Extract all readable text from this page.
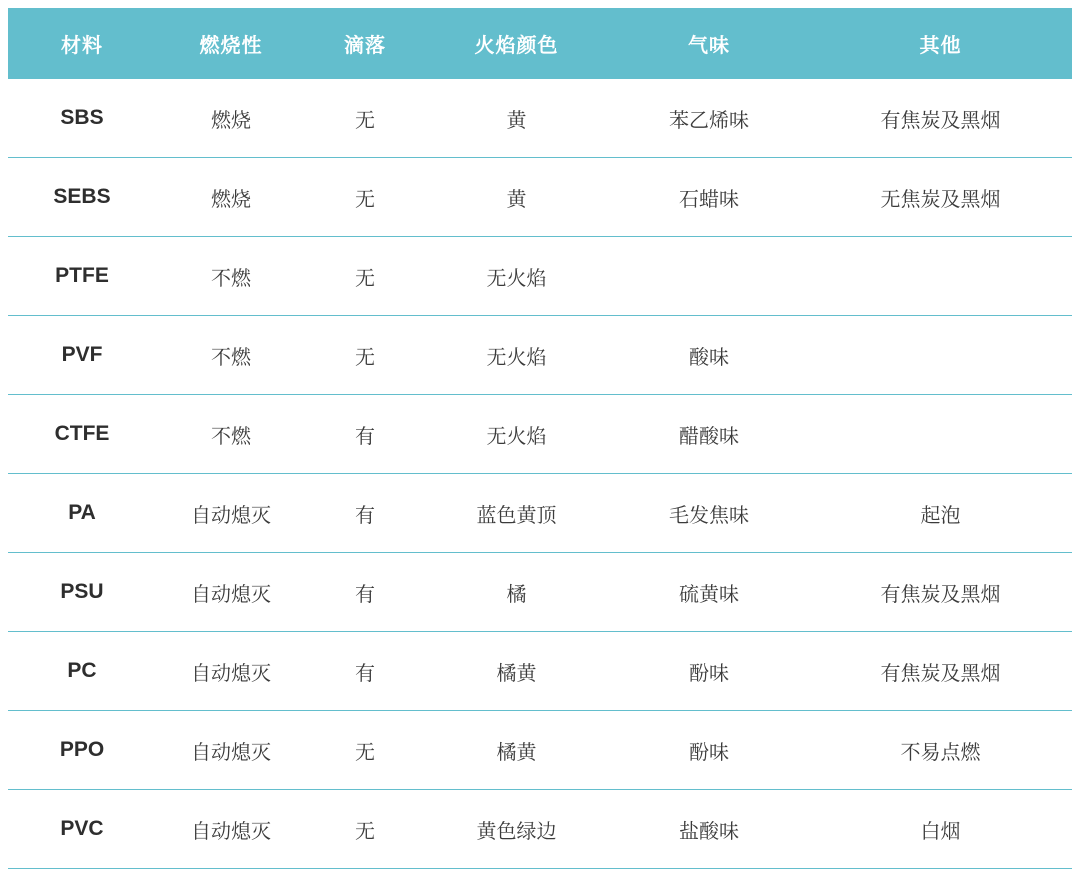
材料	燃烧性	滴落	火焰颜色	气味	其他
SBS	燃烧	无	黄	苯乙烯味	有焦炭及黑烟
SEBS	燃烧	无	黄	石蜡味	无焦炭及黑烟
PTFE	不燃	无	无火焰		
PVF	不燃	无	无火焰	酸味	
CTFE	不燃	有	无火焰	醋酸味	
PA	自动熄灭	有	蓝色黄顶	毛发焦味	起泡
PSU	自动熄灭	有	橘	硫黄味	有焦炭及黑烟
PC	自动熄灭	有	橘黄	酚味	有焦炭及黑烟
PPO	自动熄灭	无	橘黄	酚味	不易点燃
PVC	自动熄灭	无	黄色绿边	盐酸味	白烟
